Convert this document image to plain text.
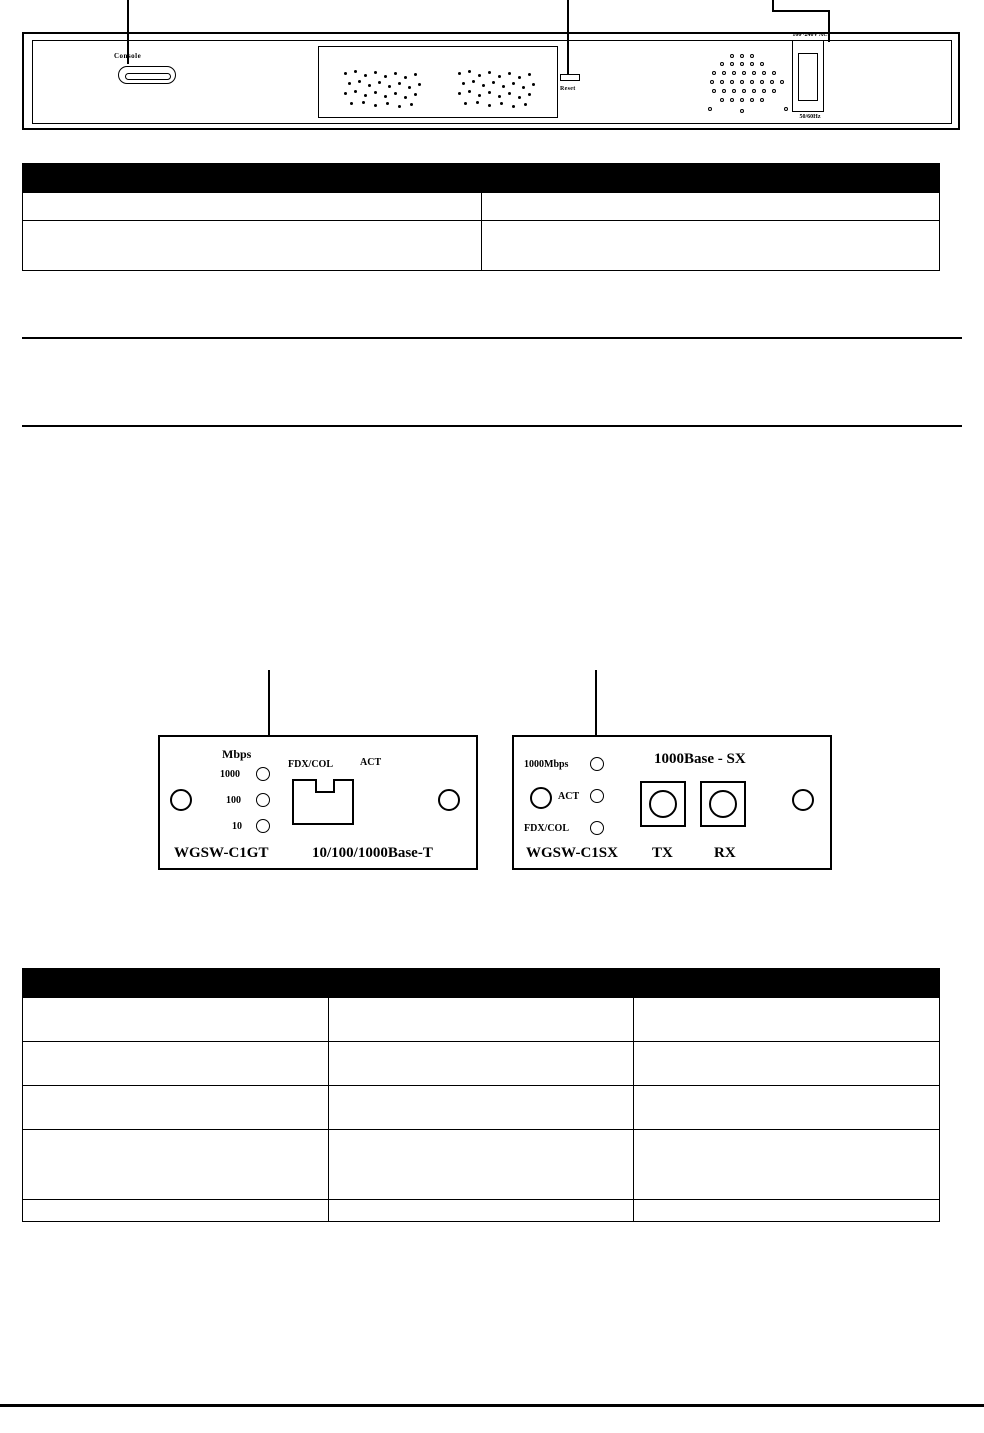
Console
Reset
100~240V AC
50/60Hz

Mbps
1000
100
10
FDX/COL	ACT
WGSW-C1GT	10/100/1000Base-T
1000Mbps
ACT
FDX/COL
1000Base - SX
WGSW-C1SX TX	RX
